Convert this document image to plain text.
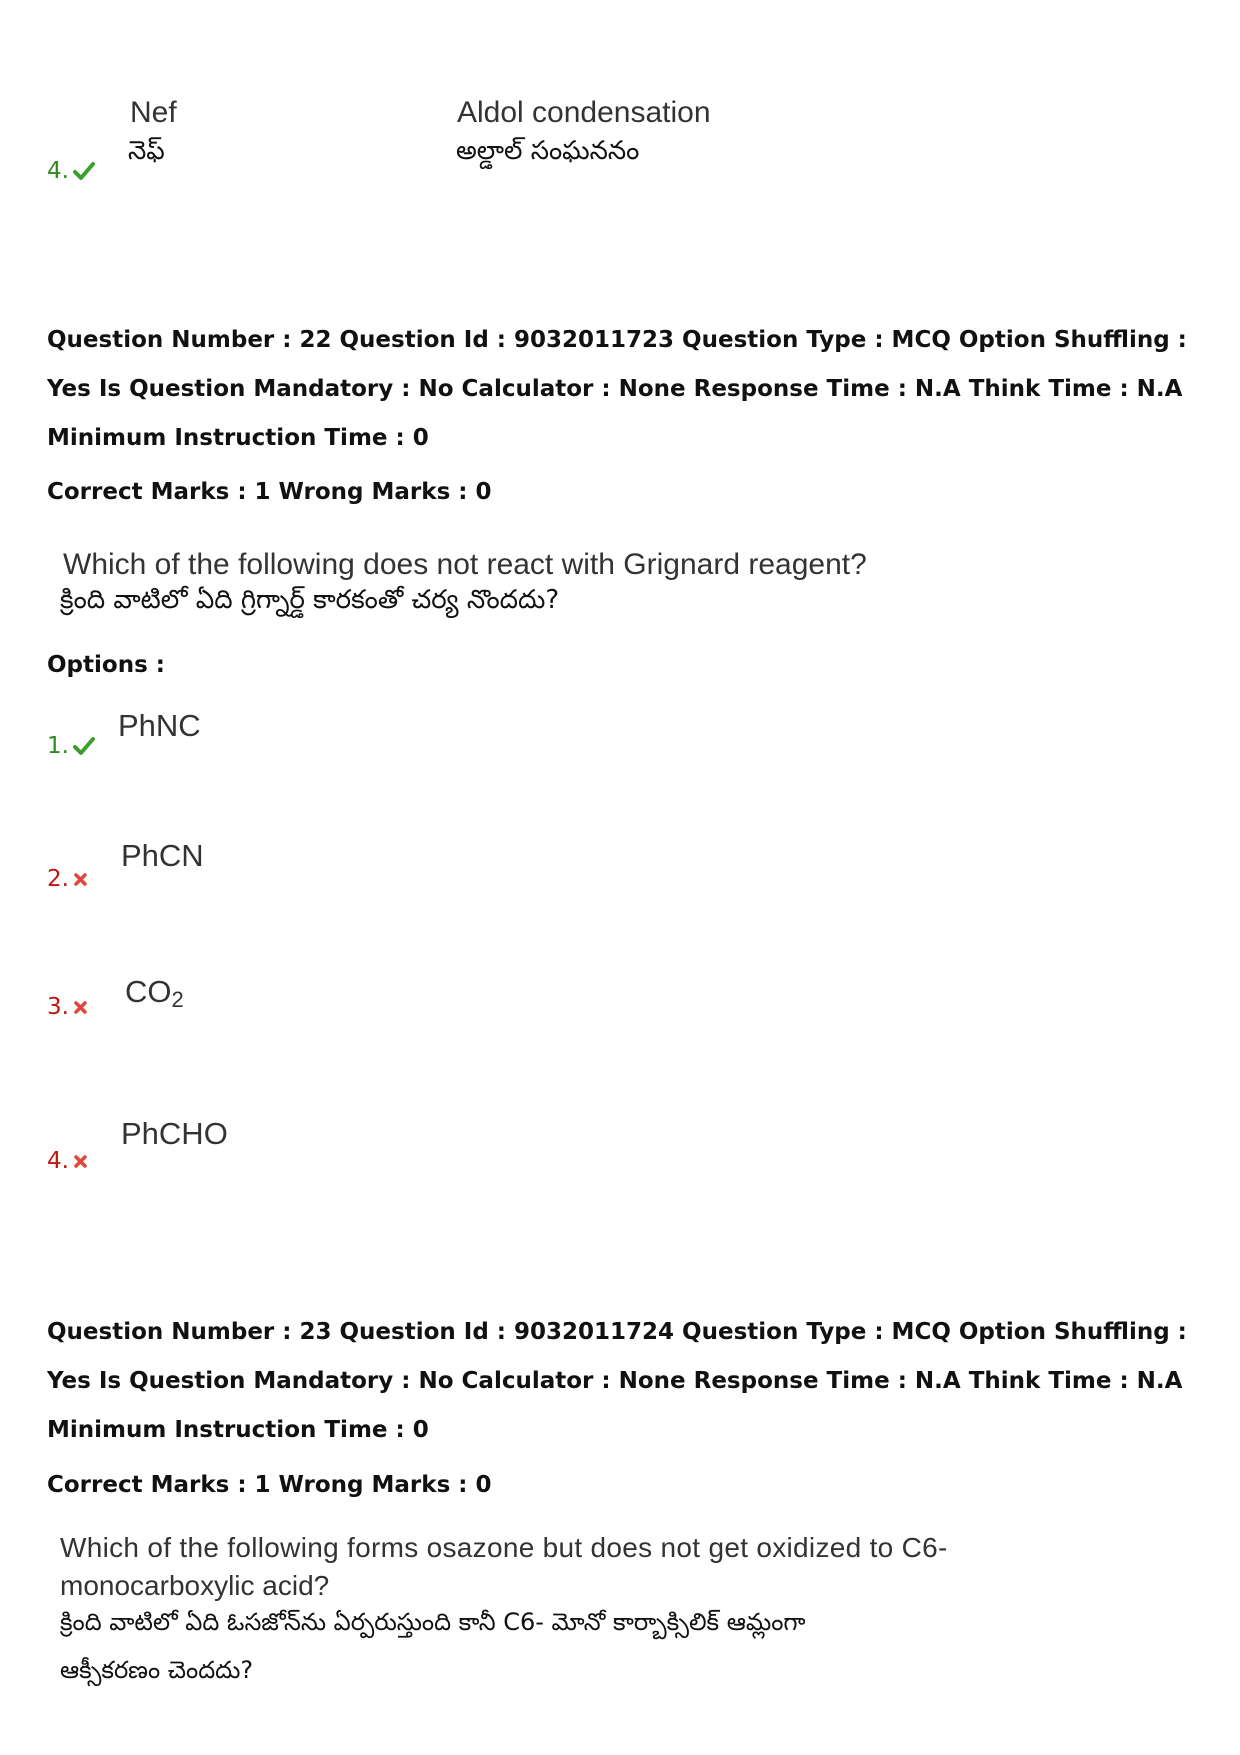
4.
Nef
నెఫ్
Aldol condensation
అల్డాల్ సంఘననం
Question Number : 22 Question Id : 9032011723 Question Type : MCQ Option Shuffling : Yes Is Question Mandatory : No Calculator : None Response Time : N.A Think Time : N.A Minimum Instruction Time : 0
Correct Marks : 1 Wrong Marks : 0
Which of the following does not react with Grignard reagent?
క్రింది వాటిలో ఏది గ్రిగ్నార్డ్ కారకంతో చర్య నొందదు?
Options :
1.
PhNC
2.
PhCN
3. $CO_2$
4.
PhCHO
Question Number : 23 Question Id : 9032011724 Question Type : MCQ Option Shuffling : Yes Is Question Mandatory : No Calculator : None Response Time : N.A Think Time : N.A Minimum Instruction Time : 0
Correct Marks : 1 Wrong Marks : 0
Which of the following forms osazone but does not get oxidized to C6-
monocarboxylic acid?
క్రింది వాటిలో ఏది ఓసజోన్‌ను ఏర్పరుస్తుంది కానీ C6- మోనో కార్బాక్సిలిక్ ఆమ్లంగా
ఆక్సీకరణం చెందదు?
